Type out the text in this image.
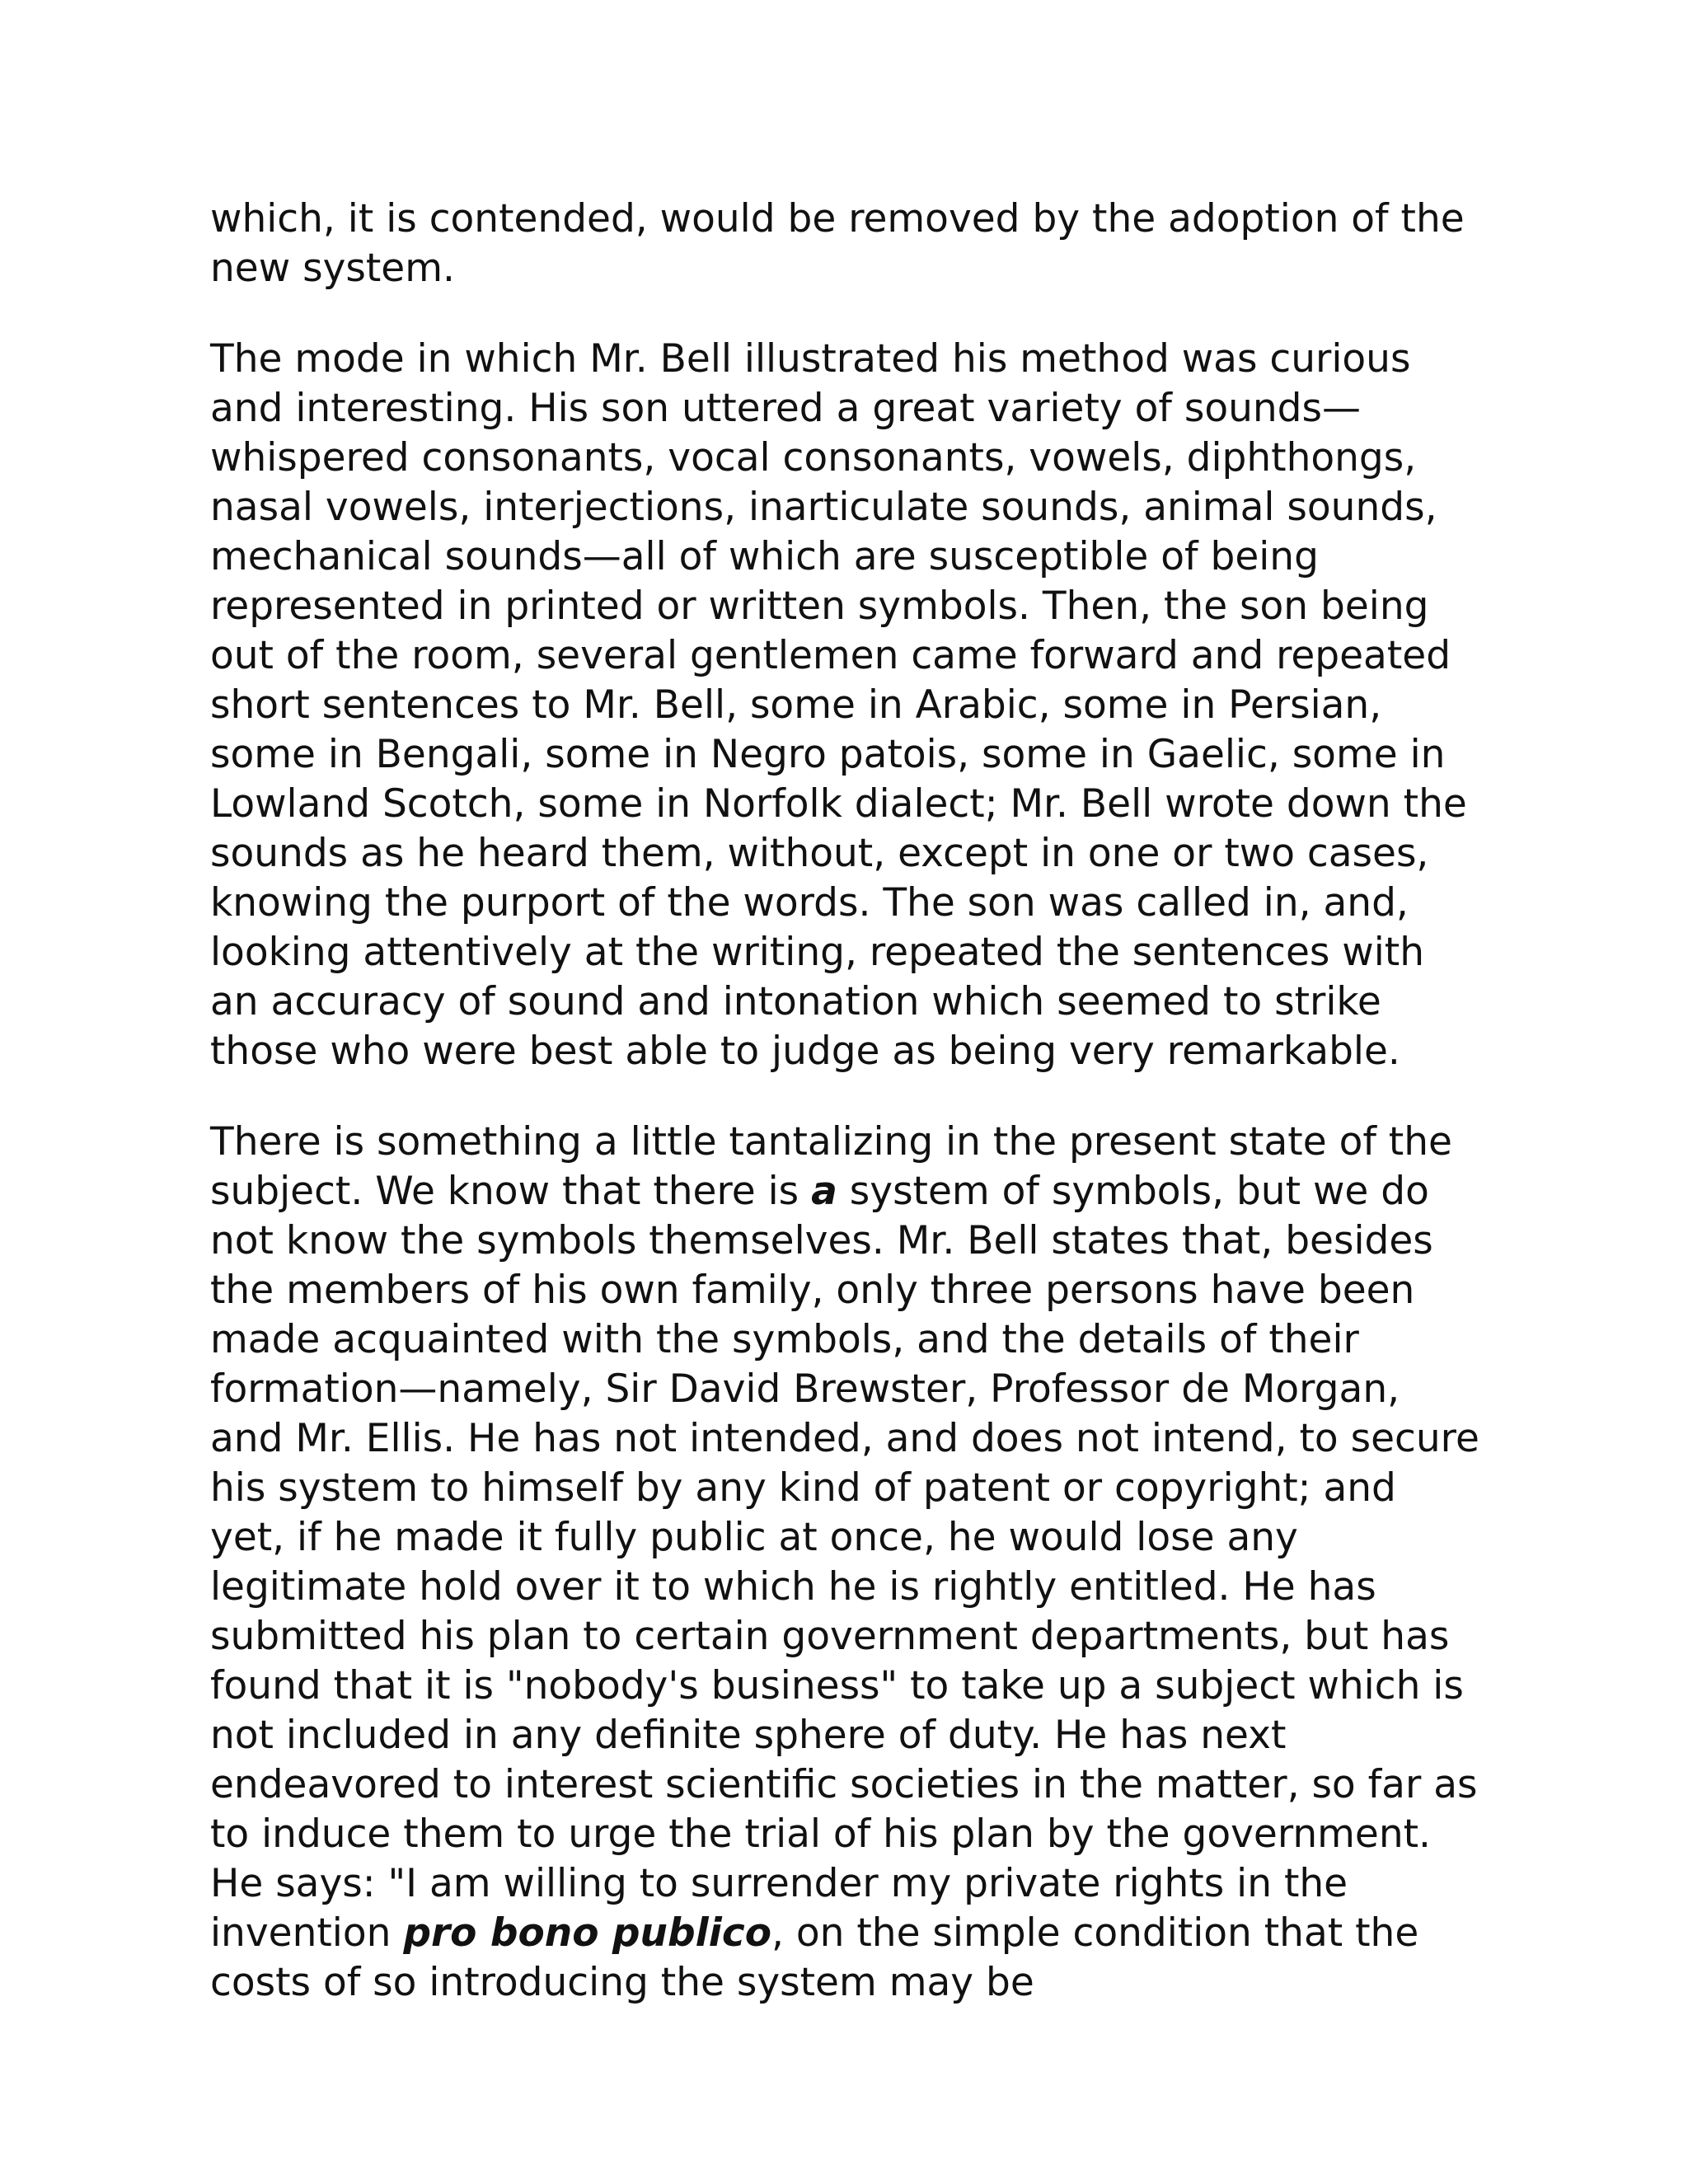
which, it is contended, would be removed by the adoption of the new system.

The mode in which Mr. Bell illustrated his method was curious and interesting. His son uttered a great variety of sounds—whispered consonants, vocal consonants, vowels, diphthongs, nasal vowels, interjections, inarticulate sounds, animal sounds, mechanical sounds—all of which are susceptible of being represented in printed or written symbols. Then, the son being out of the room, several gentlemen came forward and repeated short sentences to Mr. Bell, some in Arabic, some in Persian, some in Bengali, some in Negro patois, some in Gaelic, some in Lowland Scotch, some in Norfolk dialect; Mr. Bell wrote down the sounds as he heard them, without, except in one or two cases, knowing the purport of the words. The son was called in, and, looking attentively at the writing, repeated the sentences with an accuracy of sound and intonation which seemed to strike those who were best able to judge as being very remarkable.

There is something a little tantalizing in the present state of the subject. We know that there is a system of symbols, but we do not know the symbols themselves. Mr. Bell states that, besides the members of his own family, only three persons have been made acquainted with the symbols, and the details of their formation—namely, Sir David Brewster, Professor de Morgan, and Mr. Ellis. He has not intended, and does not intend, to secure his system to himself by any kind of patent or copyright; and yet, if he made it fully public at once, he would lose any legitimate hold over it to which he is rightly entitled. He has submitted his plan to certain government departments, but has found that it is "nobody's business" to take up a subject which is not included in any definite sphere of duty. He has next endeavored to interest scientific societies in the matter, so far as to induce them to urge the trial of his plan by the government. He says: "I am willing to surrender my private rights in the invention pro bono publico, on the simple condition that the costs of so introducing the system may be
